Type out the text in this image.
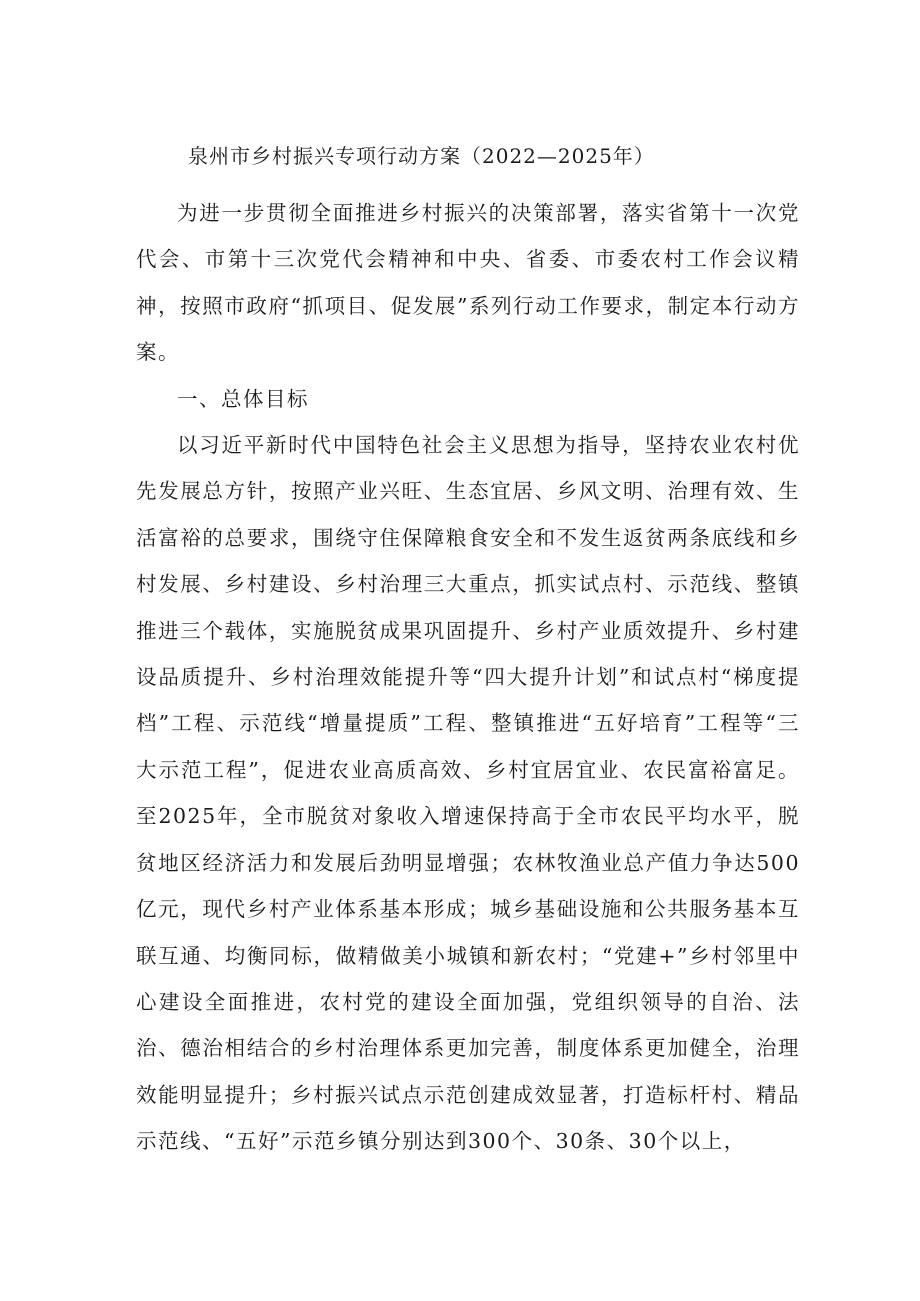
泉州市乡村振兴专项行动方案（2022—2025年）

为进一步贯彻全面推进乡村振兴的决策部署，落实省第十一次党代会、市第十三次党代会精神和中央、省委、市委农村工作会议精神，按照市政府“抓项目、促发展”系列行动工作要求，制定本行动方案。

一、总体目标

以习近平新时代中国特色社会主义思想为指导，坚持农业农村优先发展总方针，按照产业兴旺、生态宜居、乡风文明、治理有效、生活富裕的总要求，围绕守住保障粮食安全和不发生返贫两条底线和乡村发展、乡村建设、乡村治理三大重点，抓实试点村、示范线、整镇推进三个载体，实施脱贫成果巩固提升、乡村产业质效提升、乡村建设品质提升、乡村治理效能提升等“四大提升计划”和试点村“梯度提档”工程、示范线“增量提质”工程、整镇推进“五好培育”工程等“三大示范工程”，促进农业高质高效、乡村宜居宜业、农民富裕富足。至2025年，全市脱贫对象收入增速保持高于全市农民平均水平，脱贫地区经济活力和发展后劲明显增强；农林牧渔业总产值力争达500亿元，现代乡村产业体系基本形成；城乡基础设施和公共服务基本互联互通、均衡同标，做精做美小城镇和新农村；“党建+”乡村邻里中心建设全面推进，农村党的建设全面加强，党组织领导的自治、法治、德治相结合的乡村治理体系更加完善，制度体系更加健全，治理效能明显提升；乡村振兴试点示范创建成效显著，打造标杆村、精品示范线、“五好”示范乡镇分别达到300个、30条、30个以上，
